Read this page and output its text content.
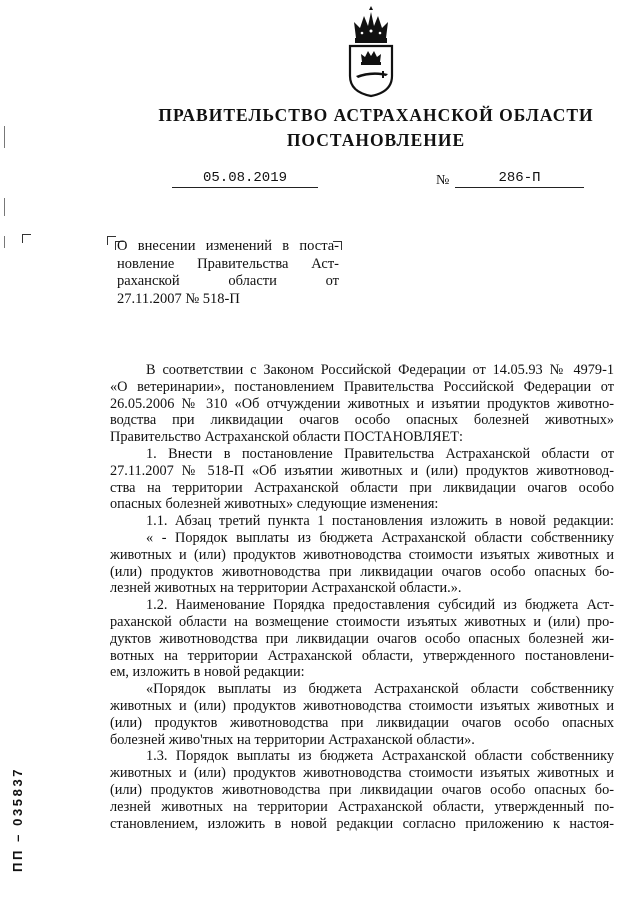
ПРАВИТЕЛЬСТВО АСТРАХАНСКОЙ ОБЛАСТИ
ПОСТАНОВЛЕНИЕ
05.08.2019	№	286-П
О внесении изменений в поста-
новление Правительства Аст-
раханской области от
27.11.2007 № 518-П

В соответствии с Законом Российской Федерации от 14.05.93 № 4979-1
«О ветеринарии», постановлением Правительства Российской Федерации от
26.05.2006 № 310 «Об отчуждении животных и изъятии продуктов животно-
водства при ликвидации очагов особо опасных болезней животных»
Правительство Астраханской области ПОСТАНОВЛЯЕТ:

1. Внести в постановление Правительства Астраханской области от
27.11.2007 № 518-П «Об изъятии животных и (или) продуктов животновод-
ства на территории Астраханской области при ликвидации очагов особо
опасных болезней животных» следующие изменения:

1.1. Абзац третий пункта 1 постановления изложить в новой редакции:

« - Порядок выплаты из бюджета Астраханской области собственнику
животных и (или) продуктов животноводства стоимости изъятых животных и
(или) продуктов животноводства при ликвидации очагов особо опасных бо-
лезней животных на территории Астраханской области.».

1.2. Наименование Порядка предоставления субсидий из бюджета Аст-
раханской области на возмещение стоимости изъятых животных и (или) про-
дуктов животноводства при ликвидации очагов особо опасных болезней жи-
вотных на территории Астраханской области, утвержденного постановлени-
ем, изложить в новой редакции:

«Порядок выплаты из бюджета Астраханской области собственнику
животных и (или) продуктов животноводства стоимости изъятых животных и
(или) продуктов животноводства при ликвидации очагов особо опасных
болезней живо'тных на территории Астраханской области».

1.3. Порядок выплаты из бюджета Астраханской области собственнику
животных и (или) продуктов животноводства стоимости изъятых животных и
(или) продуктов животноводства при ликвидации очагов особо опасных бо-
лезней животных на территории Астраханской области, утвержденный по-
становлением, изложить в новой редакции согласно приложению к настоя-

ПП – 035837
